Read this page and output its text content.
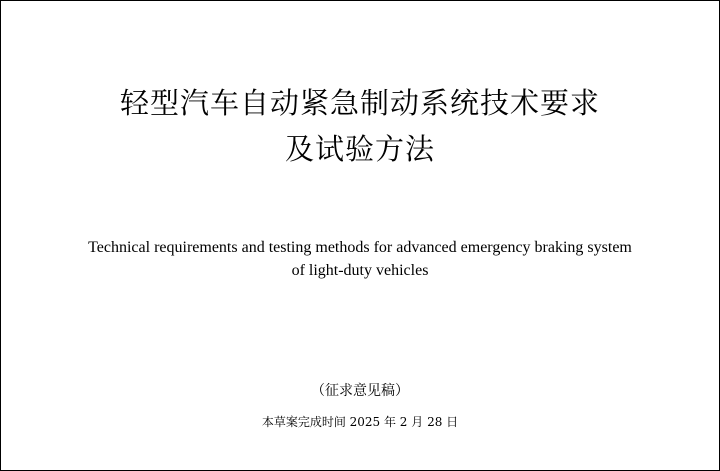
轻型汽车自动紧急制动系统技术要求
及试验方法
Technical requirements and testing methods for advanced emergency braking system
of light-duty vehicles
（征求意见稿）
本草案完成时间 2025 年 2 月 28 日
